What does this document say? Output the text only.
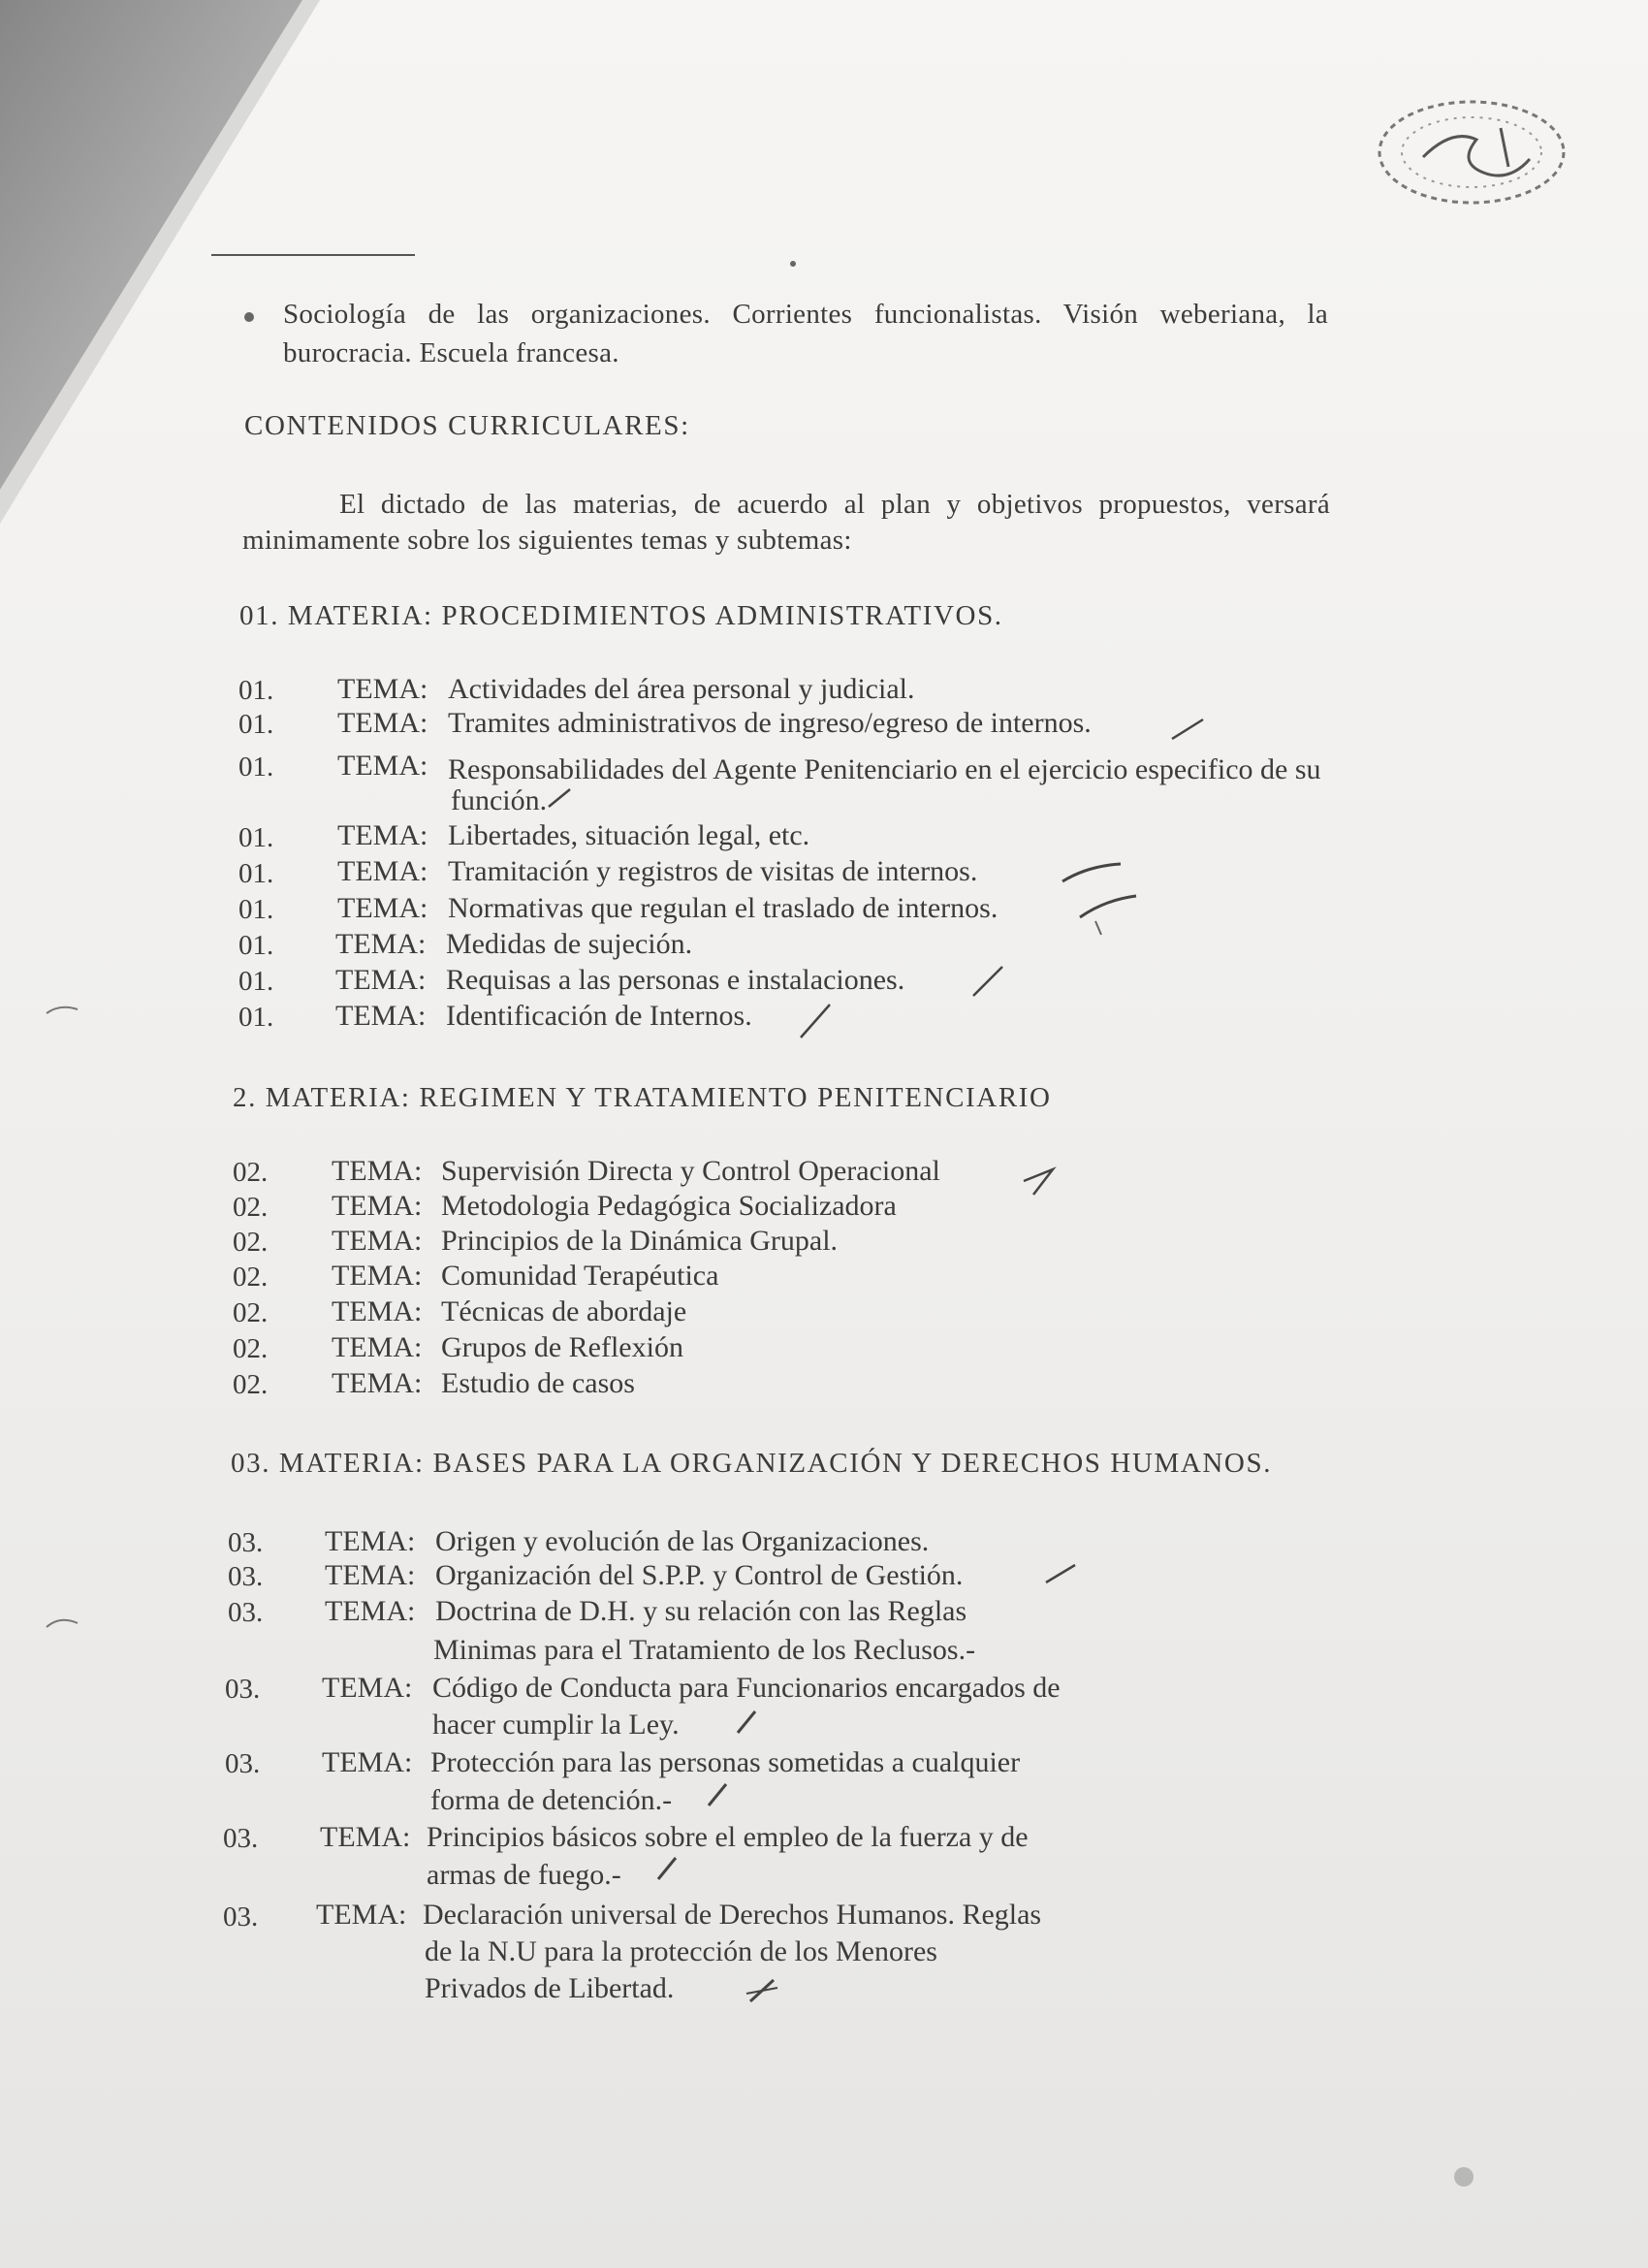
Sociología de las organizaciones. Corrientes funcionalistas. Visión weberiana, la
burocracia. Escuela francesa.
CONTENIDOS CURRICULARES:
El dictado de las materias, de acuerdo al plan y objetivos propuestos, versará
minimamente sobre los siguientes temas y subtemas:
01. MATERIA: PROCEDIMIENTOS ADMINISTRATIVOS.
01. TEMA: Actividades del área personal y judicial.
01. TEMA: Tramites administrativos de ingreso/egreso de internos.
01. TEMA: Responsabilidades del Agente Penitenciario en el ejercicio especifico de su
función.
01. TEMA: Libertades, situación legal, etc.
01. TEMA: Tramitación y registros de visitas de internos.
01. TEMA: Normativas que regulan el traslado de internos.
01. TEMA: Medidas de sujeción.
01. TEMA: Requisas a las personas e instalaciones.
01. TEMA: Identificación de Internos.
2. MATERIA: REGIMEN Y TRATAMIENTO PENITENCIARIO
02. TEMA: Supervisión Directa y Control Operacional
02. TEMA: Metodologia Pedagógica Socializadora
02. TEMA: Principios de la Dinámica Grupal.
02. TEMA: Comunidad Terapéutica
02. TEMA: Técnicas de abordaje
02. TEMA: Grupos de Reflexión
02. TEMA: Estudio de casos
03. MATERIA: BASES PARA LA ORGANIZACIÓN Y DERECHOS HUMANOS.
03. TEMA: Origen y evolución de las Organizaciones.
03. TEMA: Organización del S.P.P. y Control de Gestión.
03. TEMA: Doctrina de D.H. y su relación con las Reglas
Minimas para el Tratamiento de los Reclusos.-
03. TEMA: Código de Conducta para Funcionarios encargados de
hacer cumplir la Ley.
03. TEMA: Protección para las personas sometidas a cualquier
forma de detención.-
03. TEMA: Principios básicos sobre el empleo de la fuerza y de
armas de fuego.-
03. TEMA: Declaración universal de Derechos Humanos. Reglas
de la N.U para la protección de los Menores
Privados de Libertad.
